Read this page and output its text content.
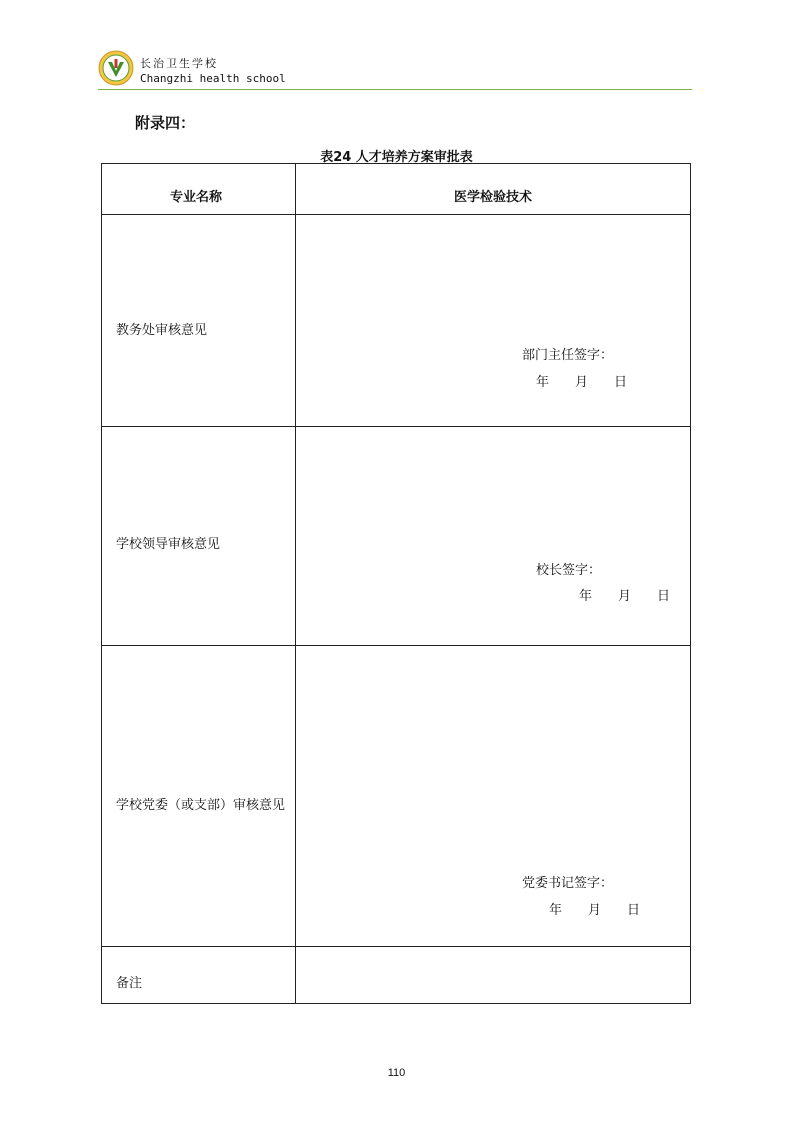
长治卫生学校
Changzhi health school
附录四：
表24 人才培养方案审批表
专业名称	医学检验技术
教务处审核意见
部门主任签字：
年 月 日
学校领导审核意见
校长签字：
年 月 日
学校党委（或支部）审核意见
党委书记签字：
年 月 日
备注
110
